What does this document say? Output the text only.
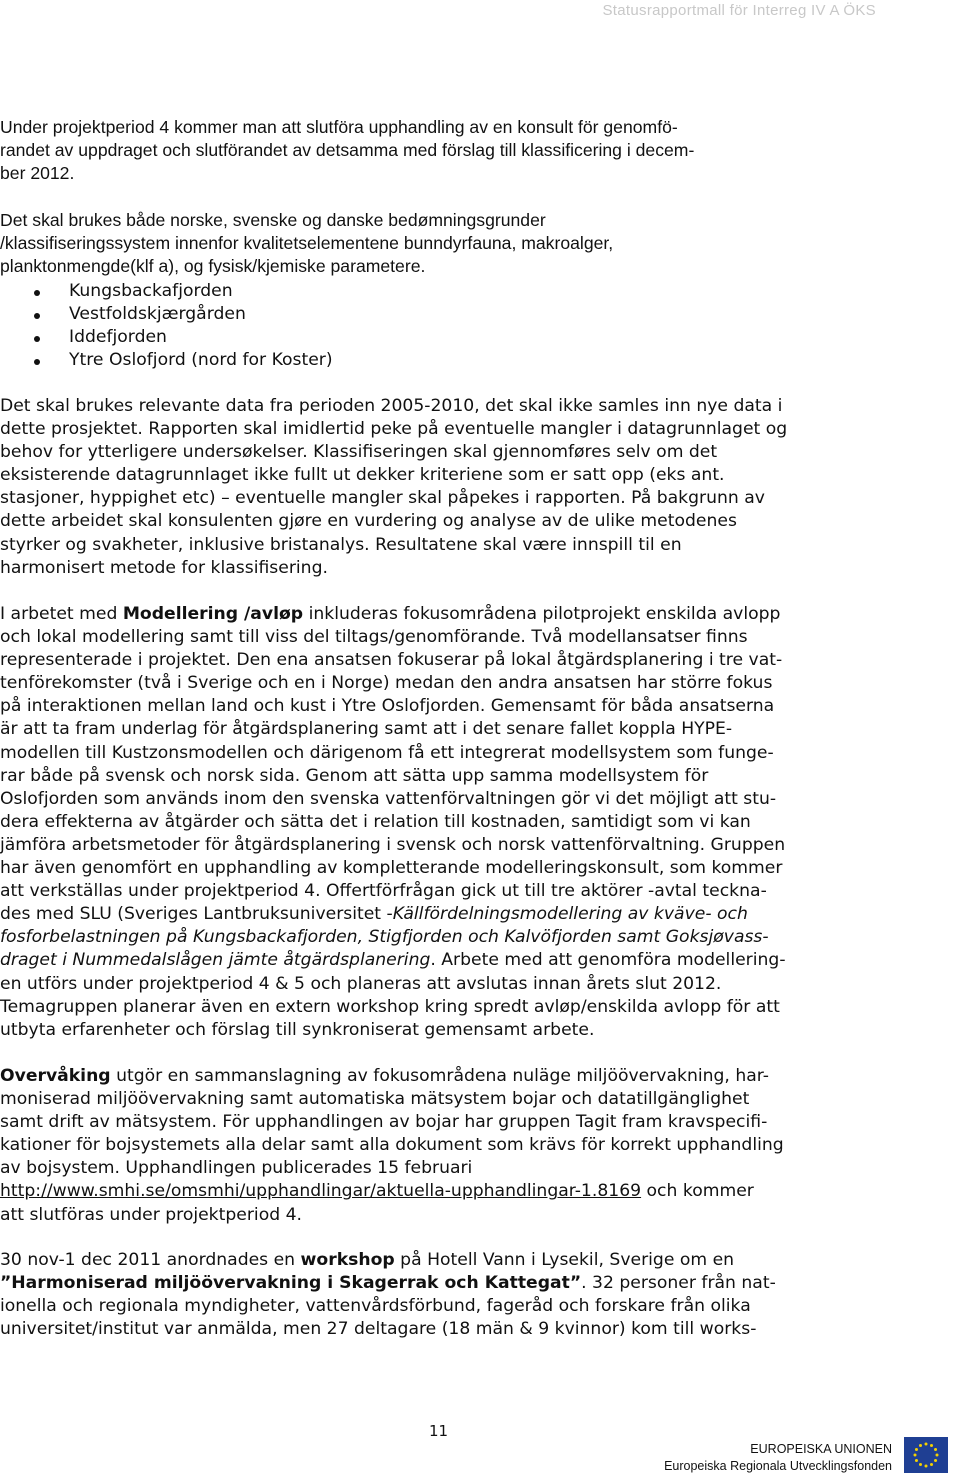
Statusrapportmall för Interreg IV A ÖKS
Under projektperiod 4 kommer man att slutföra upphandling av en konsult för genomfö-
randet av uppdraget och slutförandet av detsamma med förslag till klassificering i decem-
ber 2012.
Det skal brukes både norske, svenske og danske bedømningsgrunder
/klassifiseringssystem innenfor kvalitetselementene bunndyrfauna, makroalger,
planktonmengde(klf a), og fysisk/kjemiske parametere.
Kungsbackafjorden
Vestfoldskjærgården
Iddefjorden
Ytre Oslofjord (nord for Koster)
Det skal brukes relevante data fra perioden 2005-2010, det skal ikke samles inn nye data i
dette prosjektet. Rapporten skal imidlertid peke på eventuelle mangler i datagrunnlaget og
behov for ytterligere undersøkelser. Klassifiseringen skal gjennomføres selv om det
eksisterende datagrunnlaget ikke fullt ut dekker kriteriene som er satt opp (eks ant.
stasjoner, hyppighet etc) – eventuelle mangler skal påpekes i rapporten. På bakgrunn av
dette arbeidet skal konsulenten gjøre en vurdering og analyse av de ulike metodenes
styrker og svakheter, inklusive bristanalys. Resultatene skal være innspill til en
harmonisert metode for klassifisering.
I arbetet med Modellering /avløp inkluderas fokusområdena pilotprojekt enskilda avlopp
och lokal modellering samt till viss del tiltags/genomförande. Två modellansatser finns
representerade i projektet. Den ena ansatsen fokuserar på lokal åtgärdsplanering i tre vat-
tenförekomster (två i Sverige och en i Norge) medan den andra ansatsen har större fokus
på interaktionen mellan land och kust i Ytre Oslofjorden. Gemensamt för båda ansatserna
är att ta fram underlag för åtgärdsplanering samt att i det senare fallet koppla HYPE-
modellen till Kustzonsmodellen och därigenom få ett integrerat modellsystem som funge-
rar både på svensk och norsk sida. Genom att sätta upp samma modellsystem för
Oslofjorden som används inom den svenska vattenförvaltningen gör vi det möjligt att stu-
dera effekterna av åtgärder och sätta det i relation till kostnaden, samtidigt som vi kan
jämföra arbetsmetoder för åtgärdsplanering i svensk och norsk vattenförvaltning. Gruppen
har även genomfört en upphandling av kompletterande modelleringskonsult, som kommer
att verkställas under projektperiod 4. Offertförfrågan gick ut till tre aktörer -avtal teckna-
des med SLU (Sveriges Lantbruksuniversitet -Källfördelningsmodellering av kväve- och
fosforbelastningen på Kungsbackafjorden, Stigfjorden och Kalvöfjorden samt Goksjøvass-
draget i Nummedalslågen jämte åtgärdsplanering. Arbete med att genomföra modellering-
en utförs under projektperiod 4 & 5 och planeras att avslutas innan årets slut 2012.
Temagruppen planerar även en extern workshop kring spredt avløp/enskilda avlopp för att
utbyta erfarenheter och förslag till synkroniserat gemensamt arbete.
Overvåking utgör en sammanslagning av fokusområdena nuläge miljöövervakning, har-
moniserad miljöövervakning samt automatiska mätsystem bojar och datatillgänglighet
samt drift av mätsystem. För upphandlingen av bojar har gruppen Tagit fram kravspecifi-
kationer för bojsystemets alla delar samt alla dokument som krävs för korrekt upphandling
av bojsystem. Upphandlingen publicerades 15 februari
http://www.smhi.se/omsmhi/upphandlingar/aktuella-upphandlingar-1.8169 och kommer
att slutföras under projektperiod 4.
30 nov-1 dec 2011 anordnades en workshop på Hotell Vann i Lysekil, Sverige om en
”Harmoniserad miljöövervakning i Skagerrak och Kattegat”. 32 personer från nat-
ionella och regionala myndigheter, vattenvårdsförbund, fageråd och forskare från olika
universitet/institut var anmälda, men 27 deltagare (18 män & 9 kvinnor) kom till works-
11
EUROPEISKA UNIONEN
Europeiska Regionala Utvecklingsfonden
